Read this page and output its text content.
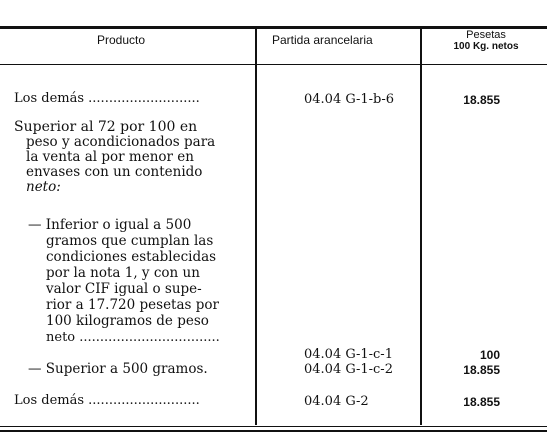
Producto	Partida arancelaria	Pesetas
100 Kg. netos
Los demás ...........................	04.04 G-1-b-6	18.855
Superior al 72 por 100 en
peso y acondicionados para
la venta al por menor en
envases con un contenido
neto:
— Inferior o igual a 500
gramos que cumplan las
condiciones establecidas
por la nota 1, y con un
valor CIF igual o supe-
rior a 17.720 pesetas por
100 kilogramos de peso
neto ..................................
04.04 G-1-c-1	100
— Superior a 500 gramos.	04.04 G-1-c-2	18.855
Los demás ...........................	04.04 G-2	18.855
